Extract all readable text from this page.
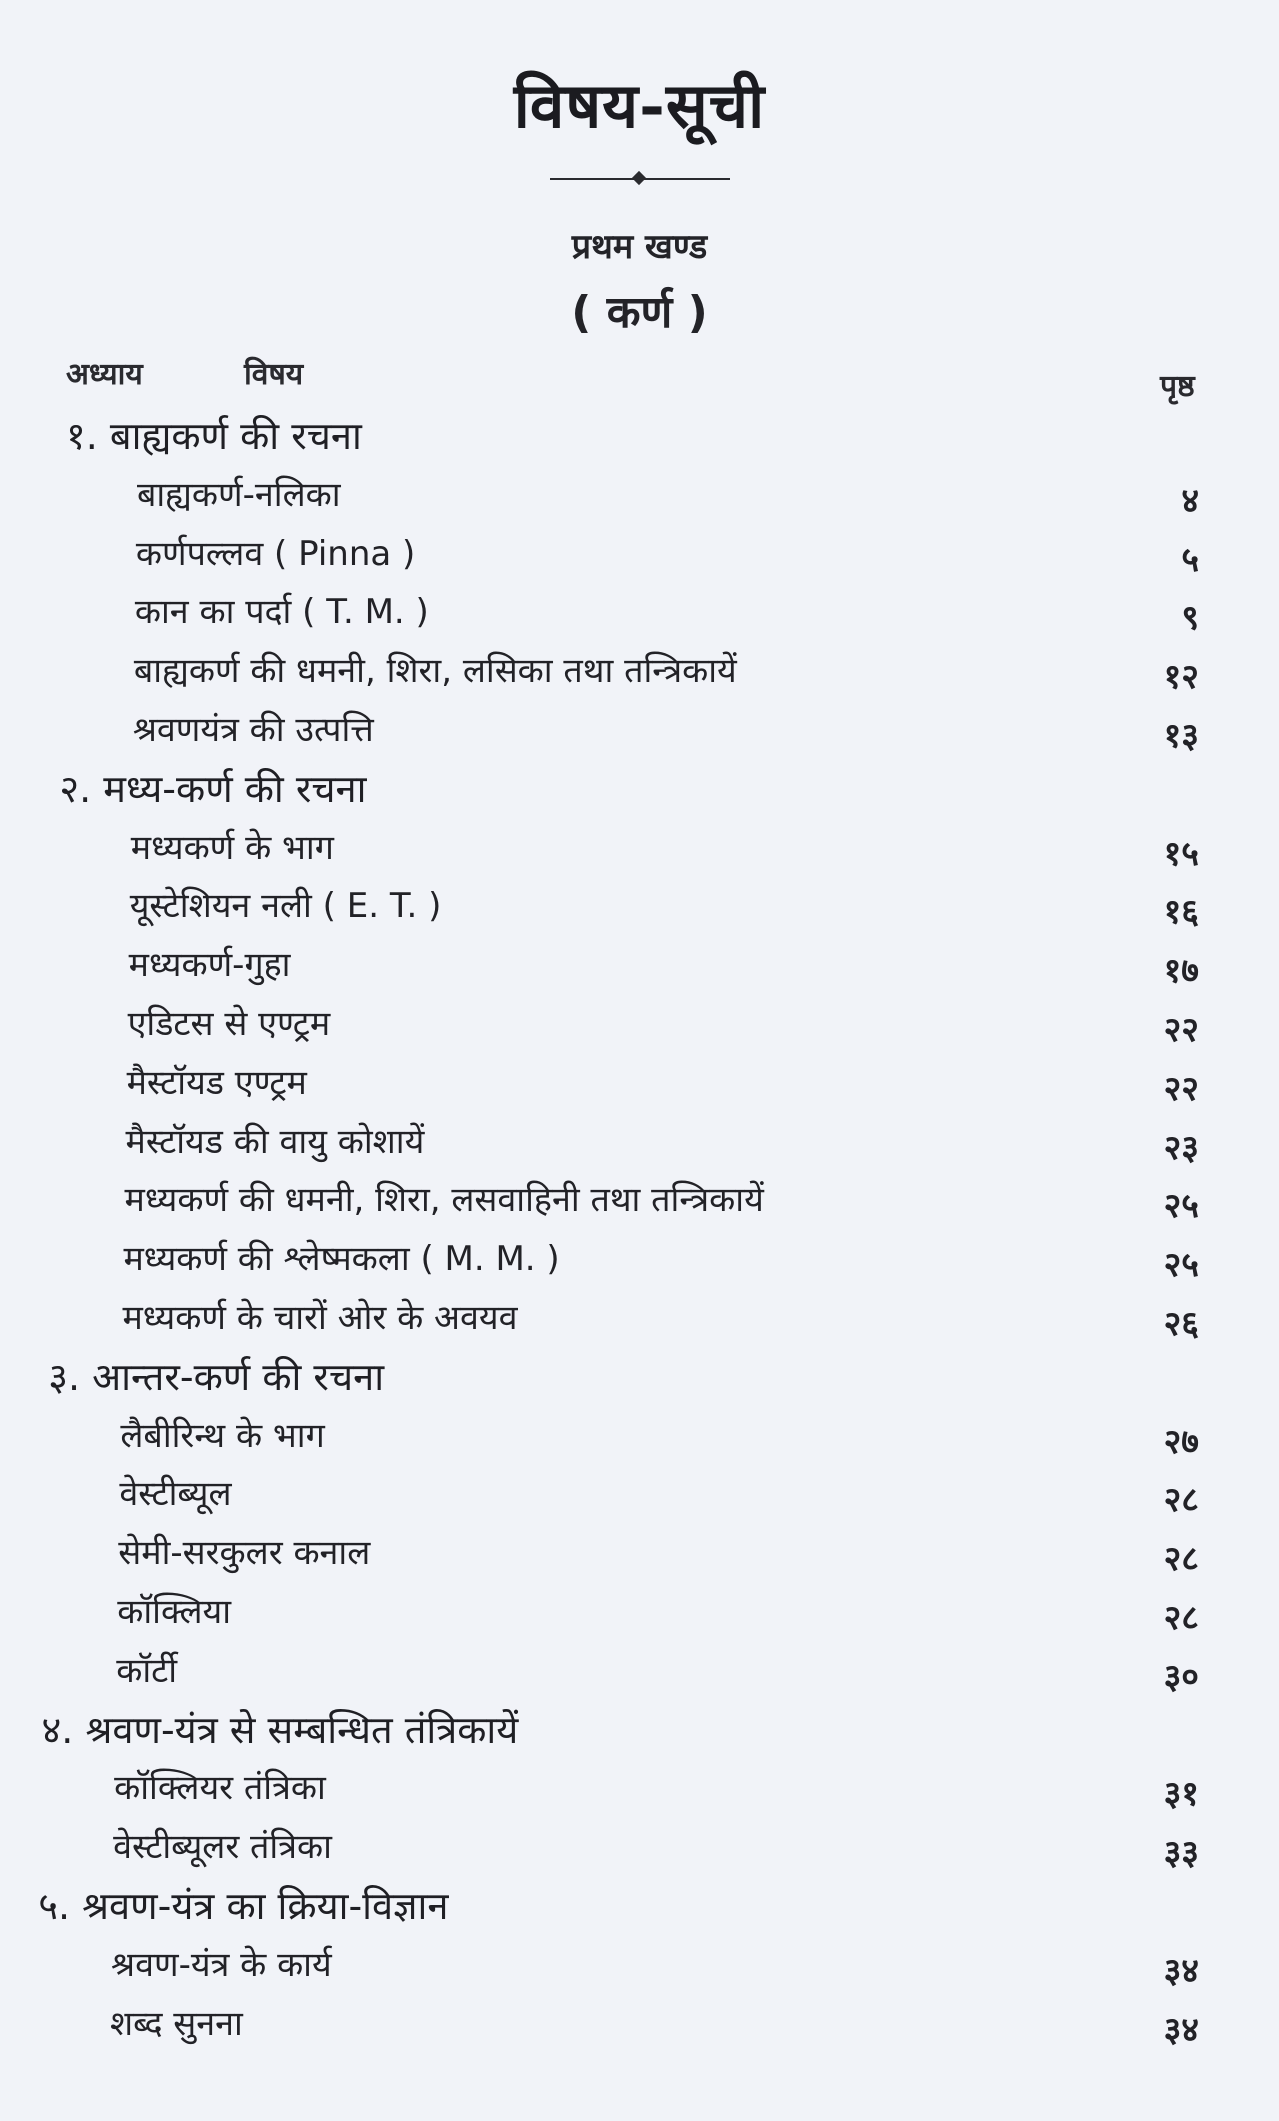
विषय-सूची
प्रथम खण्ड
( कर्ण )
अध्याय	विषय	पृष्ठ
१. बाह्यकर्ण की रचना
बाह्यकर्ण-नलिका	४
कर्णपल्लव ( Pinna )	५
कान का पर्दा ( T. M. )	९
बाह्यकर्ण की धमनी, शिरा, लसिका तथा तन्त्रिकायें	१२
श्रवणयंत्र की उत्पत्ति	१३
२. मध्य-कर्ण की रचना
मध्यकर्ण के भाग	१५
यूस्टेशियन नली ( E. T. )	१६
मध्यकर्ण-गुहा	१७
एडिटस से एण्ट्रम	२२
मैस्टॉयड एण्ट्रम	२२
मैस्टॉयड की वायु कोशायें	२३
मध्यकर्ण की धमनी, शिरा, लसवाहिनी तथा तन्त्रिकायें	२५
मध्यकर्ण की श्लेष्मकला ( M. M. )	२५
मध्यकर्ण के चारों ओर के अवयव	२६
३. आन्तर-कर्ण की रचना
लैबीरिन्थ के भाग	२७
वेस्टीब्यूल	२८
सेमी-सरकुलर कनाल	२८
कॉक्लिया	२८
कॉर्टी	३०
४. श्रवण-यंत्र से सम्बन्धित तंत्रिकायें
कॉक्लियर तंत्रिका	३१
वेस्टीब्यूलर तंत्रिका	३३
५. श्रवण-यंत्र का क्रिया-विज्ञान
श्रवण-यंत्र के कार्य	३४
शब्द सुनना	३४
